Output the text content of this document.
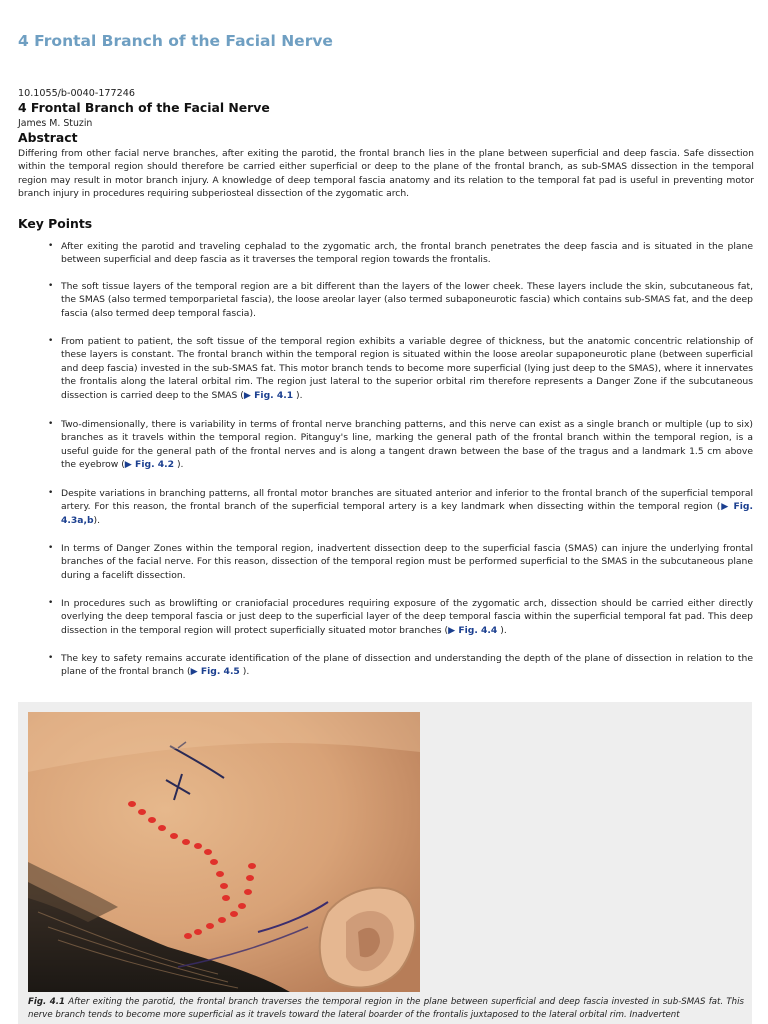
4 Frontal Branch of the Facial Nerve
10.1055/b-0040-177246
4 Frontal Branch of the Facial Nerve
James M. Stuzin
Abstract

Differing from other facial nerve branches, after exiting the parotid, the frontal branch lies in the plane between superficial and deep fascia. Safe dissection within the temporal region should therefore be carried either superficial or deep to the plane of the frontal branch, as sub-SMAS dissection in the temporal region may result in motor branch injury. A knowledge of deep temporal fascia anatomy and its relation to the temporal fat pad is useful in preventing motor branch injury in procedures requiring subperiosteal dissection of the zygomatic arch.

Key Points
• After exiting the parotid and traveling cephalad to the zygomatic arch, the frontal branch penetrates the deep fascia and is situated in the plane between superficial and deep fascia as it traverses the temporal region towards the frontalis.
• The soft tissue layers of the temporal region are a bit different than the layers of the lower cheek. These layers include the skin, subcutaneous fat, the SMAS (also termed temporparietal fascia), the loose areolar layer (also termed subaponeurotic fascia) which contains sub-SMAS fat, and the deep fascia (also termed deep temporal fascia).
• From patient to patient, the soft tissue of the temporal region exhibits a variable degree of thickness, but the anatomic concentric relationship of these layers is constant. The frontal branch within the temporal region is situated within the loose areolar supaponeurotic plane (between superficial and deep fascia) invested in the sub-SMAS fat. This motor branch tends to become more superficial (lying just deep to the SMAS), where it innervates the frontalis along the lateral orbital rim. The region just lateral to the superior orbital rim therefore represents a Danger Zone if the subcutaneous dissection is carried deep to the SMAS (▶ Fig. 4.1 ).
• Two-dimensionally, there is variability in terms of frontal nerve branching patterns, and this nerve can exist as a single branch or multiple (up to six) branches as it travels within the temporal region. Pitanguy's line, marking the general path of the frontal branch within the temporal region, is a useful guide for the general path of the frontal nerves and is along a tangent drawn between the base of the tragus and a landmark 1.5 cm above the eyebrow (▶ Fig. 4.2 ).
• Despite variations in branching patterns, all frontal motor branches are situated anterior and inferior to the frontal branch of the superficial temporal artery. For this reason, the frontal branch of the superficial temporal artery is a key landmark when dissecting within the temporal region (▶ Fig. 4.3a,b).
• In terms of Danger Zones within the temporal region, inadvertent dissection deep to the superficial fascia (SMAS) can injure the underlying frontal branches of the facial nerve. For this reason, dissection of the temporal region must be performed superficial to the SMAS in the subcutaneous plane during a facelift dissection.
• In procedures such as browlifting or craniofacial procedures requiring exposure of the zygomatic arch, dissection should be carried either directly overlying the deep temporal fascia or just deep to the superficial layer of the deep temporal fascia within the superficial temporal fat pad. This deep dissection in the temporal region will protect superficially situated motor branches (▶ Fig. 4.4 ).
• The key to safety remains accurate identification of the plane of dissection and understanding the depth of the plane of dissection in relation to the plane of the frontal branch (▶ Fig. 4.5 ).
Fig. 4.1 After exiting the parotid, the frontal branch traverses the temporal region in the plane between superficial and deep fascia invested in sub-SMAS fat. This nerve branch tends to become more superficial as it travels toward the lateral boarder of the frontalis juxtaposed to the lateral orbital rim. Inadvertent
